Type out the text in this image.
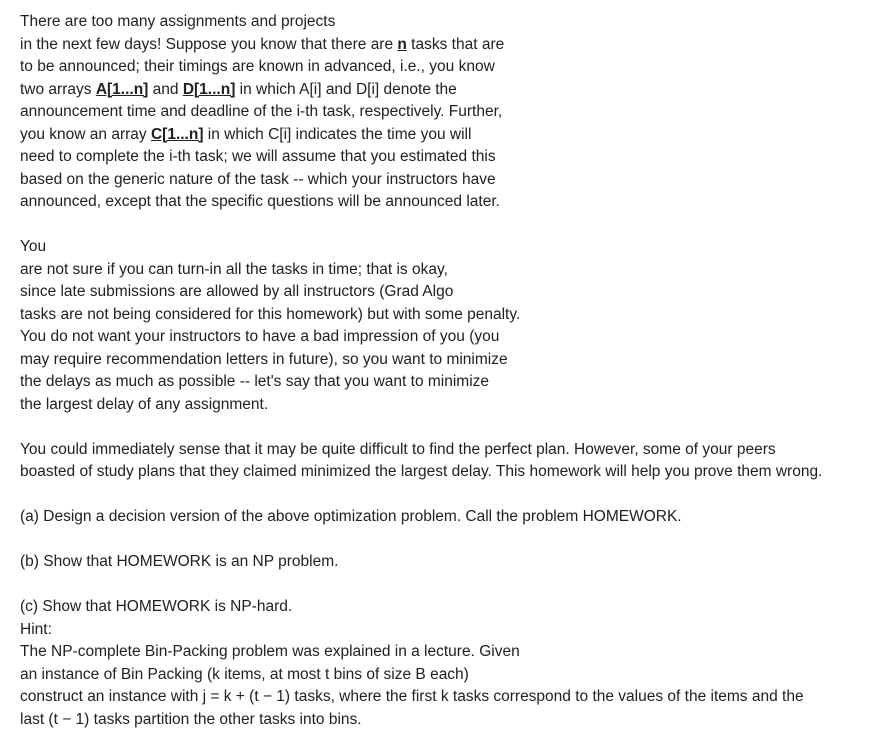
There are too many assignments and projects
in the next few days! Suppose you know that there are n tasks that are
to be announced; their timings are known in advanced, i.e., you know
two arrays A[1...n] and D[1...n] in which A[i] and D[i] denote the
announcement time and deadline of the i-th task, respectively. Further,
you know an array C[1...n] in which C[i] indicates the time you will
need to complete the i-th task; we will assume that you estimated this
based on the generic nature of the task -- which your instructors have
announced, except that the specific questions will be announced later.
You
are not sure if you can turn-in all the tasks in time; that is okay,
since late submissions are allowed by all instructors (Grad Algo
tasks are not being considered for this homework) but with some penalty.
You do not want your instructors to have a bad impression of you (you
may require recommendation letters in future), so you want to minimize
the delays as much as possible -- let's say that you want to minimize
the largest delay of any assignment.
You could immediately sense that it may be quite difficult to find the perfect plan. However, some of your peers
boasted of study plans that they claimed minimized the largest delay. This homework will help you prove them wrong.
(a) Design a decision version of the above optimization problem. Call the problem HOMEWORK.
(b) Show that HOMEWORK is an NP problem.
(c) Show that HOMEWORK is NP-hard.
Hint:
The NP-complete Bin-Packing problem was explained in a lecture. Given
an instance of Bin Packing (k items, at most t bins of size B each)
construct an instance with j = k + (t − 1) tasks, where the first k tasks correspond to the values of the items and the
last (t − 1) tasks partition the other tasks into bins.
